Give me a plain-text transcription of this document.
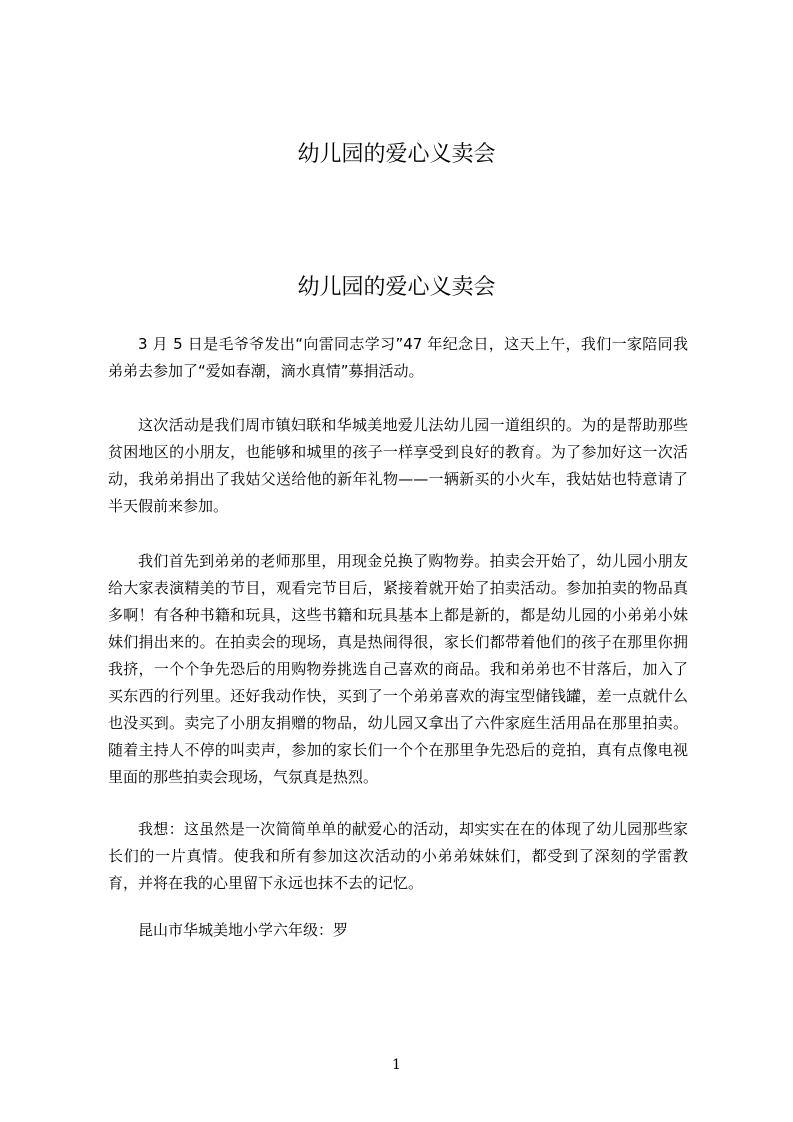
幼儿园的爱心义卖会
幼儿园的爱心义卖会

3 月 5 日是毛爷爷发出“向雷同志学习”47 年纪念日，这天上午，我们一家陪同我弟弟去参加了“爱如春潮，滴水真情”募捐活动。

这次活动是我们周市镇妇联和华城美地爱儿法幼儿园一道组织的。为的是帮助那些贫困地区的小朋友，也能够和城里的孩子一样享受到良好的教育。为了参加好这一次活动，我弟弟捐出了我姑父送给他的新年礼物——一辆新买的小火车，我姑姑也特意请了半天假前来参加。

我们首先到弟弟的老师那里，用现金兑换了购物券。拍卖会开始了，幼儿园小朋友给大家表演精美的节目，观看完节目后，紧接着就开始了拍卖活动。参加拍卖的物品真多啊！有各种书籍和玩具，这些书籍和玩具基本上都是新的，都是幼儿园的小弟弟小妹妹们捐出来的。在拍卖会的现场，真是热闹得很，家长们都带着他们的孩子在那里你拥我挤，一个个争先恐后的用购物券挑选自己喜欢的商品。我和弟弟也不甘落后，加入了买东西的行列里。还好我动作快，买到了一个弟弟喜欢的海宝型储钱罐，差一点就什么也没买到。卖完了小朋友捐赠的物品，幼儿园又拿出了六件家庭生活用品在那里拍卖。随着主持人不停的叫卖声，参加的家长们一个个在那里争先恐后的竞拍，真有点像电视里面的那些拍卖会现场，气氛真是热烈。

我想：这虽然是一次简简单单的献爱心的活动，却实实在在的体现了幼儿园那些家长们的一片真情。使我和所有参加这次活动的小弟弟妹妹们，都受到了深刻的学雷教育，并将在我的心里留下永远也抹不去的记忆。

昆山市华城美地小学六年级：罗

1
